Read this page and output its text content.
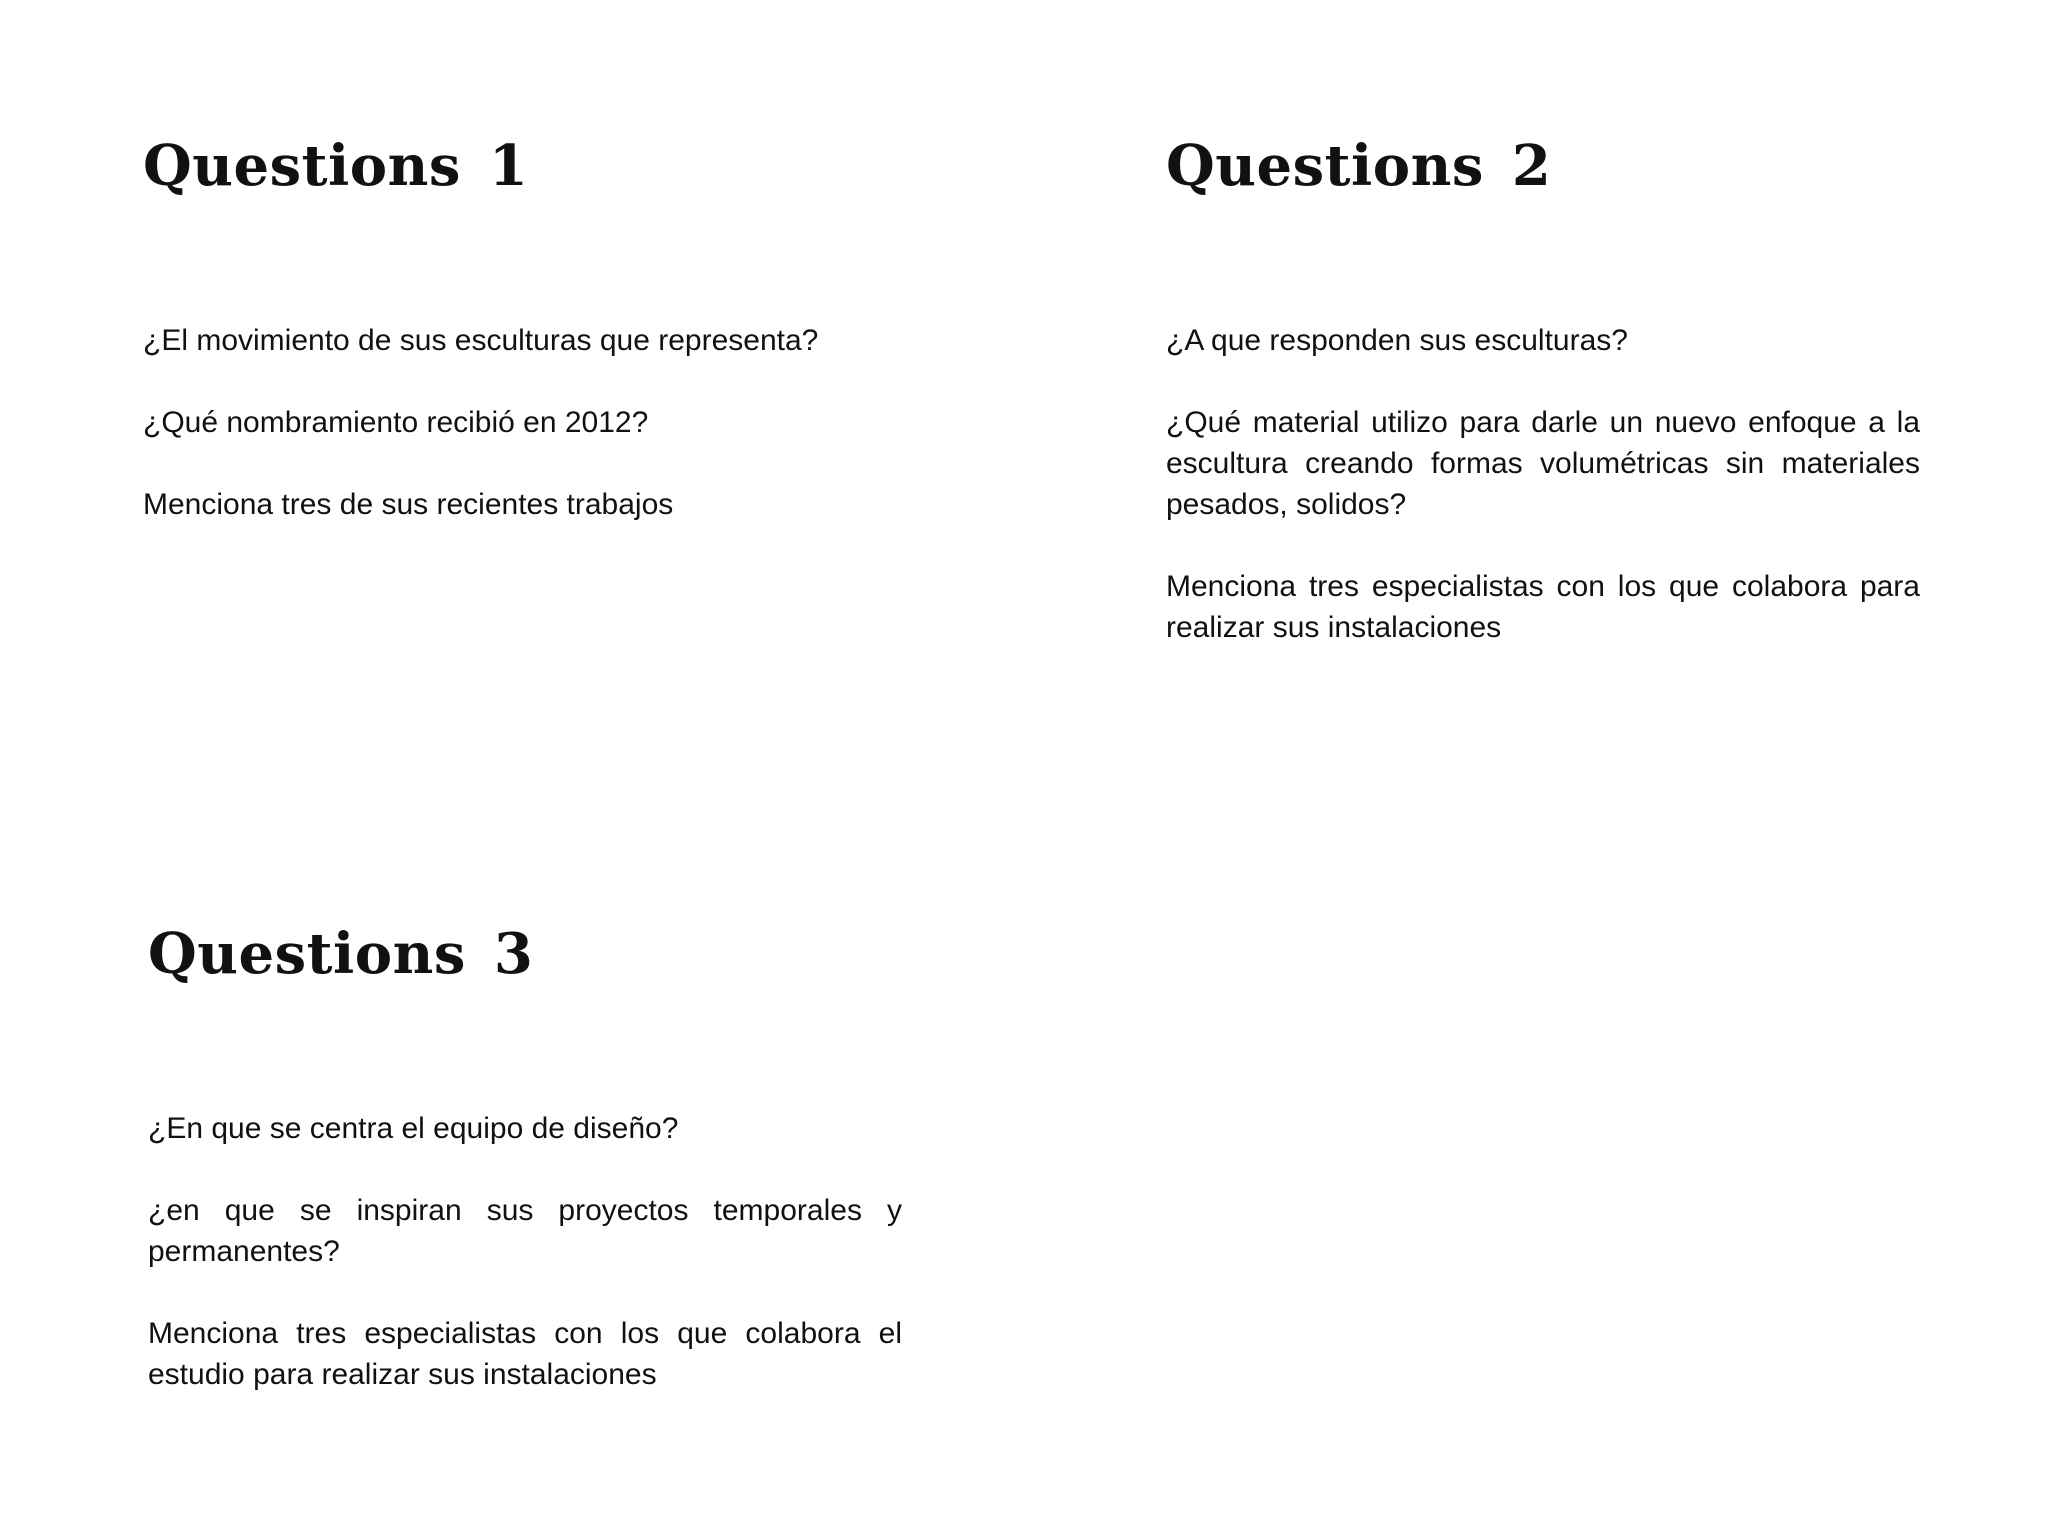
Questions 1

¿El movimiento de sus esculturas que representa?

¿Qué nombramiento recibió en 2012?

Menciona tres de sus recientes trabajos

Questions 2

¿A que responden sus esculturas?

¿Qué material utilizo para darle un nuevo enfoque a la escultura creando formas volumétricas sin materiales pesados, solidos?

Menciona tres especialistas con los que colabora para realizar sus instalaciones

Questions 3

¿En que se centra el equipo de diseño?

¿en que se inspiran sus proyectos temporales y permanentes?

Menciona tres especialistas con los que colabora el estudio para realizar sus instalaciones
